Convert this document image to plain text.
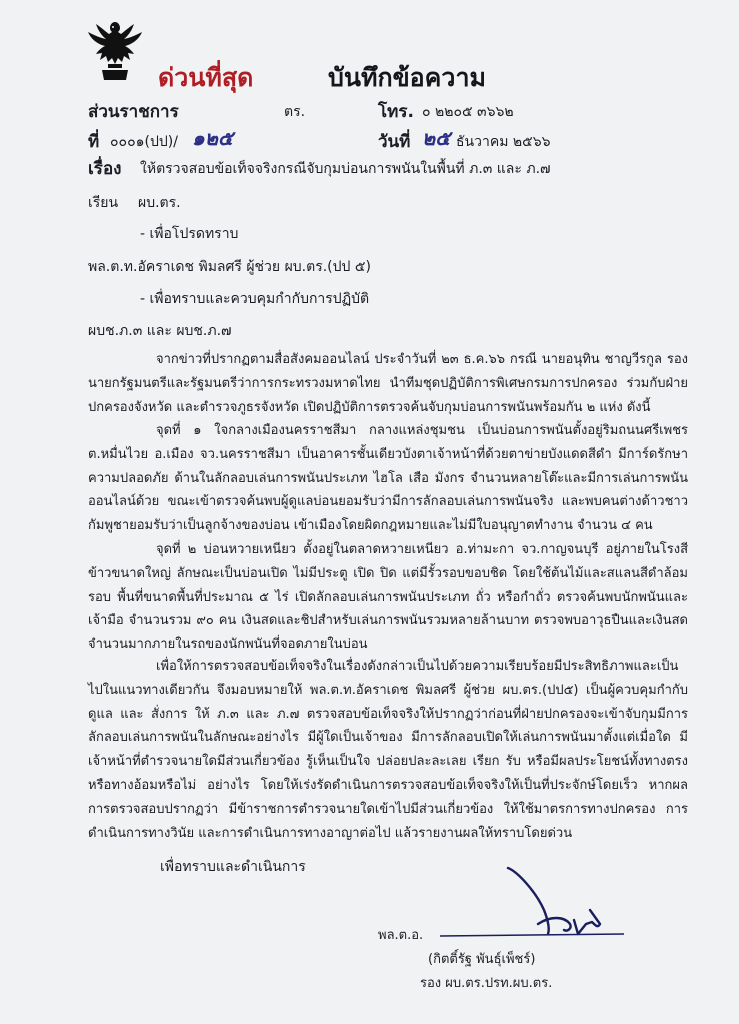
ด่วนที่สุด	บันทึกข้อความ
ส่วนราชการ	ตร.	โทร. ๐ ๒๒๐๕ ๓๖๖๒
ที่ ๐๐๐๑(ปป)/ ๑๒๕	วันที่ ๒๕ ธันวาคม ๒๕๖๖
เรื่อง ให้ตรวจสอบข้อเท็จจริงกรณีจับกุมบ่อนการพนันในพื้นที่ ภ.๓ และ ภ.๗
เรียน ผบ.ตร.
- เพื่อโปรดทราบ
พล.ต.ท.อัคราเดช พิมลศรี ผู้ช่วย ผบ.ตร.(ปป ๕)
- เพื่อทราบและควบคุมกำกับการปฏิบัติ
ผบช.ภ.๓ และ ผบช.ภ.๗
จากข่าวที่ปรากฏตามสื่อสังคมออนไลน์ ประจำวันที่ ๒๓ ธ.ค.๖๖ กรณี นายอนุทิน ชาญวีรกูล รองนายกรัฐมนตรีและรัฐมนตรีว่าการกระทรวงมหาดไทย นำทีมชุดปฏิบัติการพิเศษกรมการปกครอง ร่วมกับฝ่ายปกครองจังหวัด และตำรวจภูธรจังหวัด เปิดปฏิบัติการตรวจค้นจับกุมบ่อนการพนันพร้อมกัน ๒ แห่ง ดังนี้
จุดที่ ๑ ใจกลางเมืองนครราชสีมา กลางแหล่งชุมชน เป็นบ่อนการพนันตั้งอยู่ริมถนนศรีเพชร ต.หมื่นไวย อ.เมือง จว.นครราชสีมา เป็นอาคารชั้นเดียวบังตาเจ้าหน้าที่ด้วยตาข่ายบังแดดสีดำ มีการ์ดรักษาความปลอดภัย ด้านในลักลอบเล่นการพนันประเภท ไฮโล เสือ มังกร จำนวนหลายโต๊ะและมีการเล่นการพนันออนไลน์ด้วย ขณะเข้าตรวจค้นพบผู้ดูแลบ่อนยอมรับว่ามีการลักลอบเล่นการพนันจริง และพบคนต่างด้าวชาวกัมพูชายอมรับว่าเป็นลูกจ้างของบ่อน เข้าเมืองโดยผิดกฎหมายและไม่มีใบอนุญาตทำงาน จำนวน ๔ คน
จุดที่ ๒ บ่อนหวายเหนียว ตั้งอยู่ในตลาดหวายเหนียว อ.ท่ามะกา จว.กาญจนบุรี อยู่ภายในโรงสีข้าวขนาดใหญ่ ลักษณะเป็นบ่อนเปิด ไม่มีประตู เปิด ปิด แต่มีรั้วรอบขอบชิด โดยใช้ต้นไม้และสแลนสีดำล้อมรอบ พื้นที่ขนาดพื้นที่ประมาณ ๕ ไร่ เปิดลักลอบเล่นการพนันประเภท ถั่ว หรือกำถั่ว ตรวจค้นพบนักพนันและเจ้ามือ จำนวนรวม ๙๐ คน เงินสดและชิปสำหรับเล่นการพนันรวมหลายล้านบาท ตรวจพบอาวุธปืนและเงินสดจำนวนมากภายในรถของนักพนันที่จอดภายในบ่อน
เพื่อให้การตรวจสอบข้อเท็จจริงในเรื่องดังกล่าวเป็นไปด้วยความเรียบร้อยมีประสิทธิภาพและเป็นไปในแนวทางเดียวกัน จึงมอบหมายให้ พล.ต.ท.อัคราเดช พิมลศรี ผู้ช่วย ผบ.ตร.(ปป๕) เป็นผู้ควบคุมกำกับ ดูแล และ สั่งการ ให้ ภ.๓ และ ภ.๗ ตรวจสอบข้อเท็จจริงให้ปรากฏว่าก่อนที่ฝ่ายปกครองจะเข้าจับกุมมีการลักลอบเล่นการพนันในลักษณะอย่างไร มีผู้ใดเป็นเจ้าของ มีการลักลอบเปิดให้เล่นการพนันมาตั้งแต่เมื่อใด มีเจ้าหน้าที่ตำรวจนายใดมีส่วนเกี่ยวข้อง รู้เห็นเป็นใจ ปล่อยปละละเลย เรียก รับ หรือมีผลประโยชน์ทั้งทางตรงหรือทางอ้อมหรือไม่ อย่างไร โดยให้เร่งรัดดำเนินการตรวจสอบข้อเท็จจริงให้เป็นที่ประจักษ์โดยเร็ว หากผลการตรวจสอบปรากฏว่า มีข้าราชการตำรวจนายใดเข้าไปมีส่วนเกี่ยวข้อง ให้ใช้มาตรการทางปกครอง การดำเนินการทางวินัย และการดำเนินการทางอาญาต่อไป แล้วรายงานผลให้ทราบโดยด่วน
เพื่อทราบและดำเนินการ
พล.ต.อ.
(กิตติ์รัฐ พันธุ์เพ็ชร์)
รอง ผบ.ตร.ปรท.ผบ.ตร.
